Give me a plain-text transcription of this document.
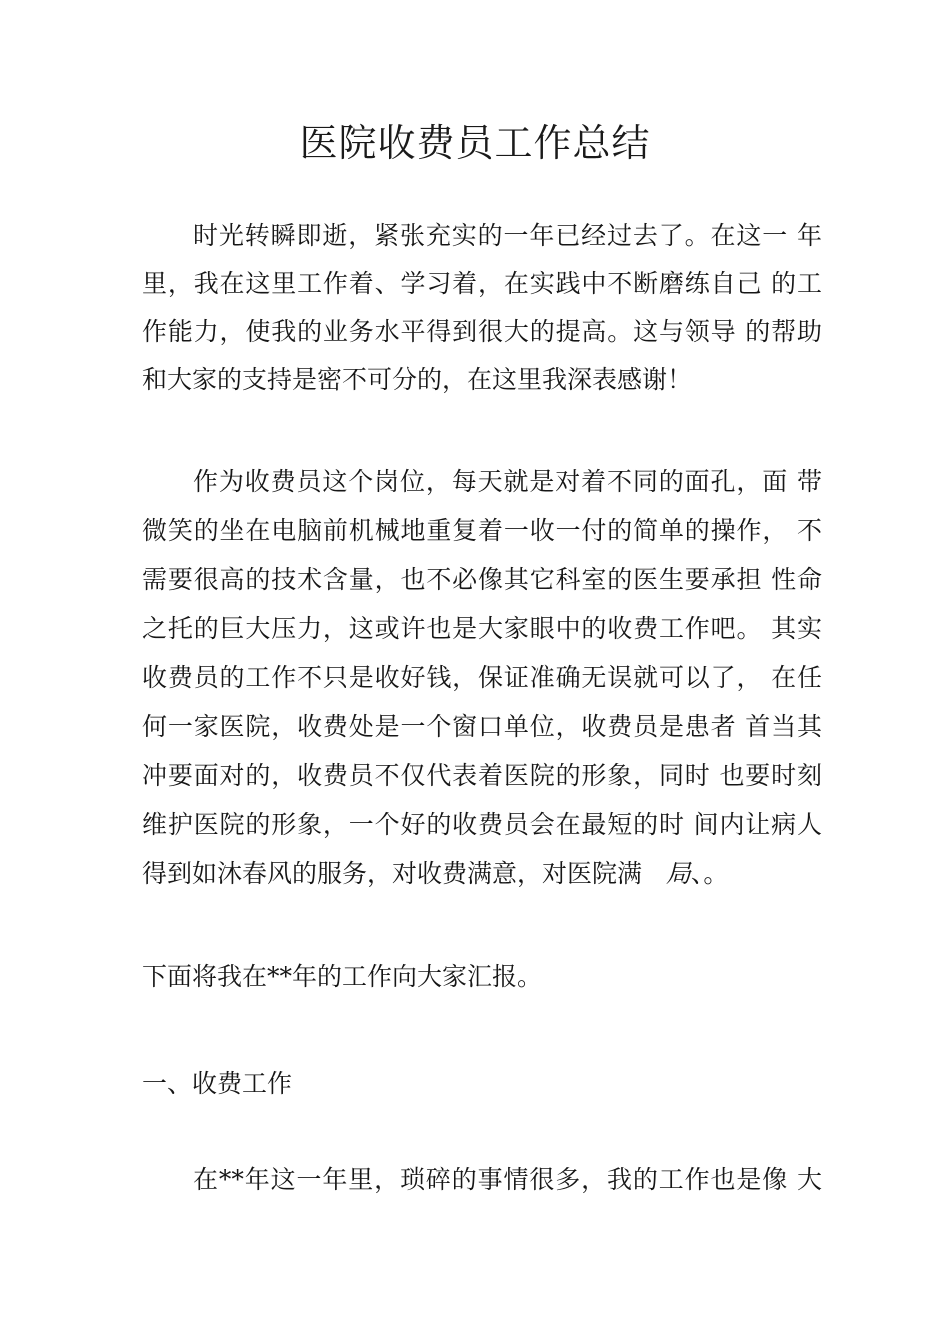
医院收费员工作总结
时光转瞬即逝，紧张充实的一年已经过去了。在这一 年
里，我在这里工作着、学习着，在实践中不断磨练自己 的工
作能力，使我的业务水平得到很大的提高。这与领导 的帮助
和大家的支持是密不可分的，在这里我深表感谢！
作为收费员这个岗位，每天就是对着不同的面孔，面 带
微笑的坐在电脑前机械地重复着一收一付的简单的操作， 不
需要很高的技术含量，也不必像其它科室的医生要承担 性命
之托的巨大压力，这或许也是大家眼中的收费工作吧。 其实
收费员的工作不只是收好钱，保证准确无误就可以了， 在任
何一家医院，收费处是一个窗口单位，收费员是患者 首当其
冲要面对的，收费员不仅代表着医院的形象，同时 也要时刻
维护医院的形象，一个好的收费员会在最短的时 间内让病人
得到如沐春风的服务，对收费满意，对医院满 局、。
下面将我在**年的工作向大家汇报。
一、收费工作
在**年这一年里，琐碎的事情很多，我的工作也是像 大
